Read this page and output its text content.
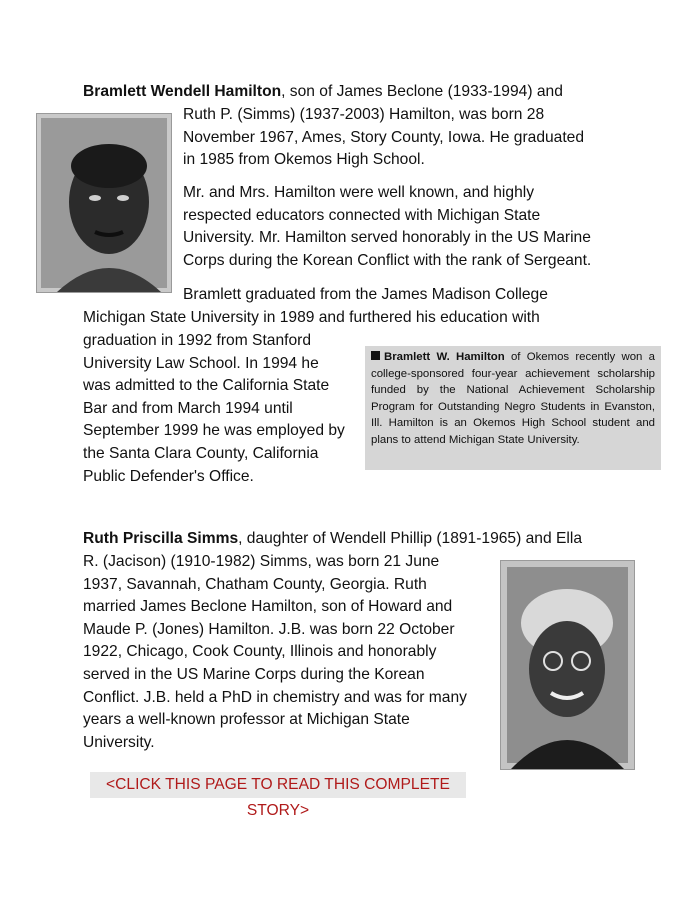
Bramlett Wendell Hamilton, son of James Beclone (1933-1994) and
Ruth P. (Simms) (1937-2003) Hamilton, was born 28
November 1967, Ames, Story County, Iowa. He graduated
in 1985 from Okemos High School.
Mr. and Mrs. Hamilton were well known, and highly
respected educators connected with Michigan State
University. Mr. Hamilton served honorably in the US Marine
Corps during the Korean Conflict with the rank of Sergeant.
Bramlett graduated from the James Madison College
Michigan State University in 1989 and furthered his education with
graduation in 1992 from Stanford
University Law School. In 1994 he
was admitted to the California State
Bar and from March 1994 until
September 1999 he was employed by
the Santa Clara County, California
Public Defender's Office.
Bramlett W. Hamilton of Okemos recently won a college-sponsored four-year achievement scholarship funded by the National Achievement Scholarship Program for Outstanding Negro Students in Evanston, Ill. Hamilton is an Okemos High School student and plans to attend Michigan State University.
Ruth Priscilla Simms, daughter of Wendell Phillip (1891-1965) and Ella
R. (Jacison) (1910-1982) Simms, was born 21 June
1937, Savannah, Chatham County, Georgia. Ruth
married James Beclone Hamilton, son of Howard and
Maude P. (Jones) Hamilton. J.B. was born 22 October
1922, Chicago, Cook County, Illinois and honorably
served in the US Marine Corps during the Korean
Conflict. J.B. held a PhD in chemistry and was for many
years a well-known professor at Michigan State
University.
<CLICK THIS PAGE TO READ THIS COMPLETE STORY>
